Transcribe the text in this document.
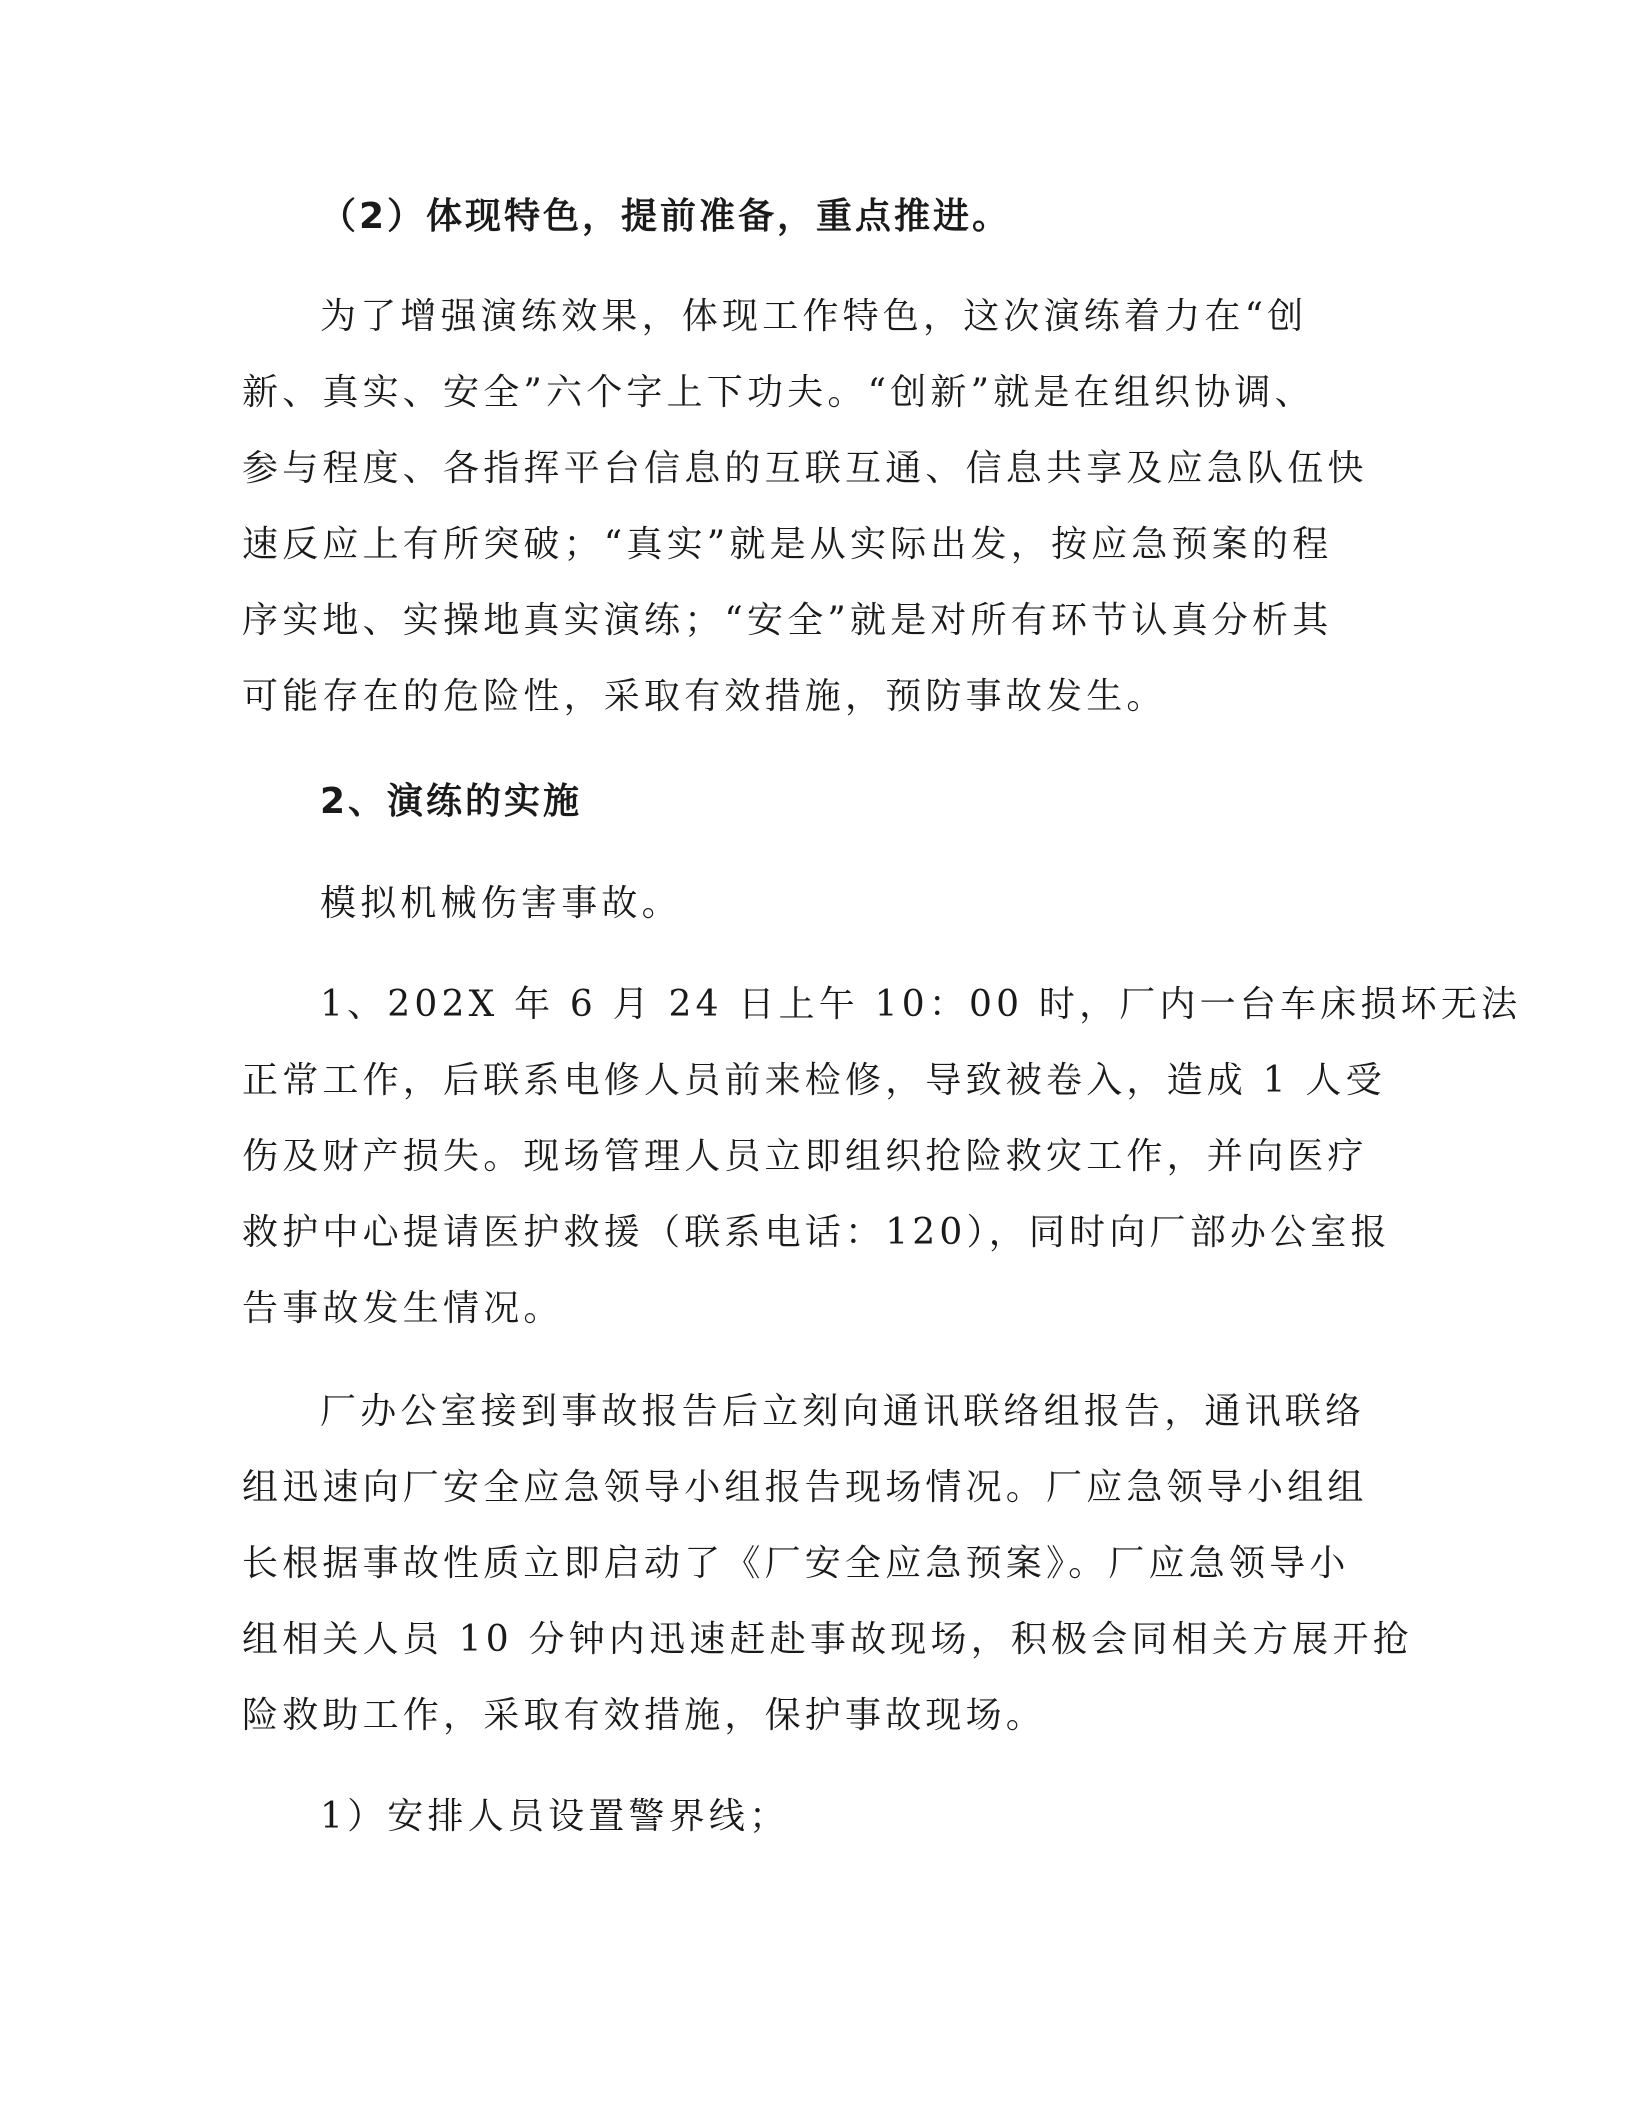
（2）体现特色，提前准备，重点推进。
为了增强演练效果，体现工作特色，这次演练着力在“创
新、真实、安全”六个字上下功夫。“创新”就是在组织协调、
参与程度、各指挥平台信息的互联互通、信息共享及应急队伍快
速反应上有所突破；“真实”就是从实际出发，按应急预案的程
序实地、实操地真实演练；“安全”就是对所有环节认真分析其
可能存在的危险性，采取有效措施，预防事故发生。
2、演练的实施
模拟机械伤害事故。
1、202X 年 6 月 24 日上午 10：00 时，厂内一台车床损坏无法
正常工作，后联系电修人员前来检修，导致被卷入，造成 1 人受
伤及财产损失。现场管理人员立即组织抢险救灾工作，并向医疗
救护中心提请医护救援（联系电话：120），同时向厂部办公室报
告事故发生情况。
厂办公室接到事故报告后立刻向通讯联络组报告，通讯联络
组迅速向厂安全应急领导小组报告现场情况。厂应急领导小组组
长根据事故性质立即启动了《厂安全应急预案》。厂应急领导小
组相关人员 10 分钟内迅速赶赴事故现场，积极会同相关方展开抢
险救助工作，采取有效措施，保护事故现场。
1）安排人员设置警界线；
